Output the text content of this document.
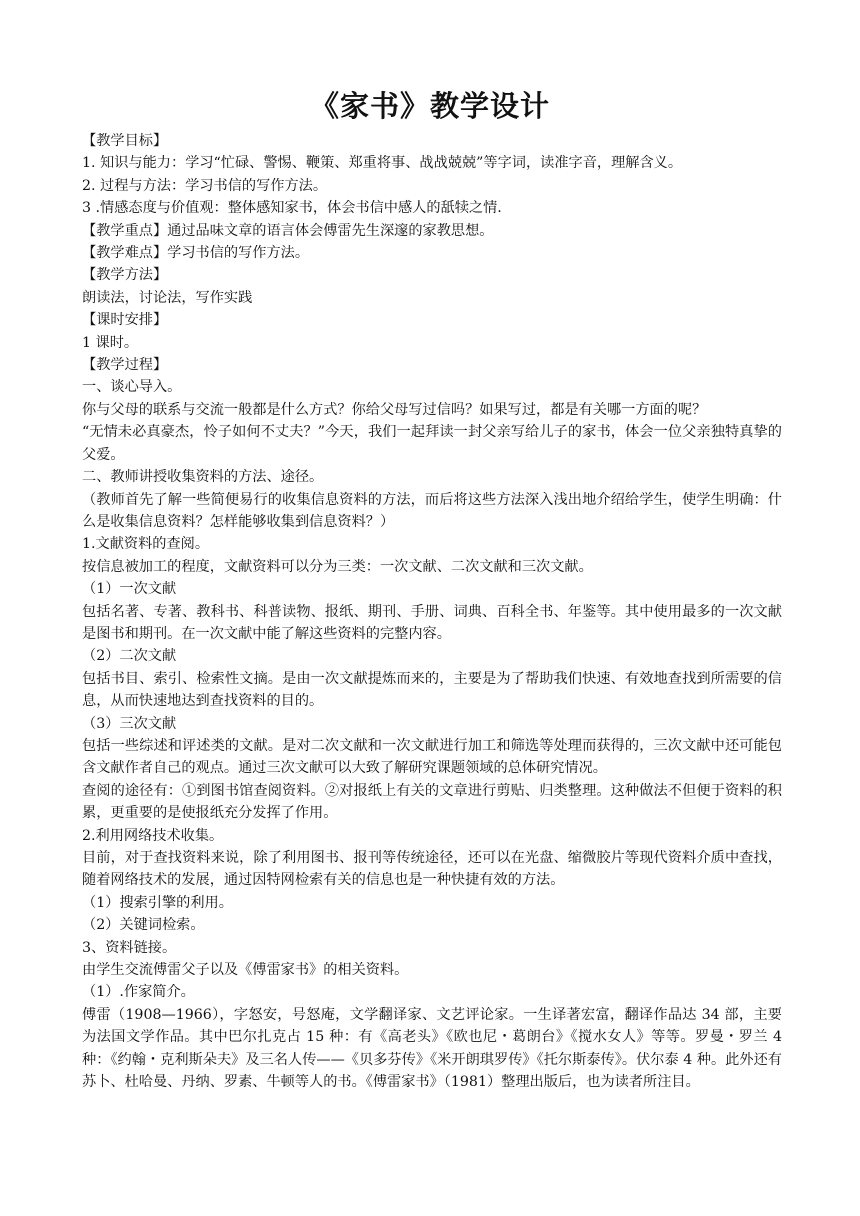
《家书》教学设计

【教学目标】

1. 知识与能力：学习“忙碌、警惕、鞭策、郑重将事、战战兢兢”等字词，读准字音，理解含义。

2. 过程与方法：学习书信的写作方法。

3 .情感态度与价值观：整体感知家书，体会书信中感人的舐犊之情.

【教学重点】通过品味文章的语言体会傅雷先生深邃的家教思想。

【教学难点】学习书信的写作方法。

【教学方法】

朗读法，讨论法，写作实践

【课时安排】

1 课时。

【教学过程】

一、谈心导入。

你与父母的联系与交流一般都是什么方式？你给父母写过信吗？如果写过，都是有关哪一方面的呢？

“无情未必真豪杰，怜子如何不丈夫？”今天，我们一起拜读一封父亲写给儿子的家书，体会一位父亲独特真挚的父爱。

二、教师讲授收集资料的方法、途径。

（教师首先了解一些简便易行的收集信息资料的方法，而后将这些方法深入浅出地介绍给学生，使学生明确：什么是收集信息资料？怎样能够收集到信息资料？）

1.文献资料的查阅。

按信息被加工的程度，文献资料可以分为三类：一次文献、二次文献和三次文献。

（1）一次文献

包括名著、专著、教科书、科普读物、报纸、期刊、手册、词典、百科全书、年鉴等。其中使用最多的一次文献是图书和期刊。在一次文献中能了解这些资料的完整内容。

（2）二次文献

包括书目、索引、检索性文摘。是由一次文献提炼而来的，主要是为了帮助我们快速、有效地查找到所需要的信息，从而快速地达到查找资料的目的。

（3）三次文献

包括一些综述和评述类的文献。是对二次文献和一次文献进行加工和筛选等处理而获得的，三次文献中还可能包含文献作者自己的观点。通过三次文献可以大致了解研究课题领域的总体研究情况。

查阅的途径有：①到图书馆查阅资料。②对报纸上有关的文章进行剪贴、归类整理。这种做法不但便于资料的积累，更重要的是使报纸充分发挥了作用。

2.利用网络技术收集。

目前，对于查找资料来说，除了利用图书、报刊等传统途径，还可以在光盘、缩微胶片等现代资料介质中查找，随着网络技术的发展，通过因特网检索有关的信息也是一种快捷有效的方法。

（1）搜索引擎的利用。

（2）关键词检索。

3、资料链接。

由学生交流傅雷父子以及《傅雷家书》的相关资料。

（1）.作家简介。

傅雷（1908—1966），字怒安，号怒庵，文学翻译家、文艺评论家。一生译著宏富，翻译作品达 34 部，主要为法国文学作品。其中巴尔扎克占 15 种：有《高老头》《欧也尼・葛朗台》《搅水女人》等等。罗曼・罗兰 4 种：《约翰・克利斯朵夫》及三名人传——《贝多芬传》《米开朗琪罗传》《托尔斯泰传》。伏尔泰 4 种。此外还有苏卜、杜哈曼、丹纳、罗素、牛顿等人的书。《傅雷家书》（1981）整理出版后，也为读者所注目。
